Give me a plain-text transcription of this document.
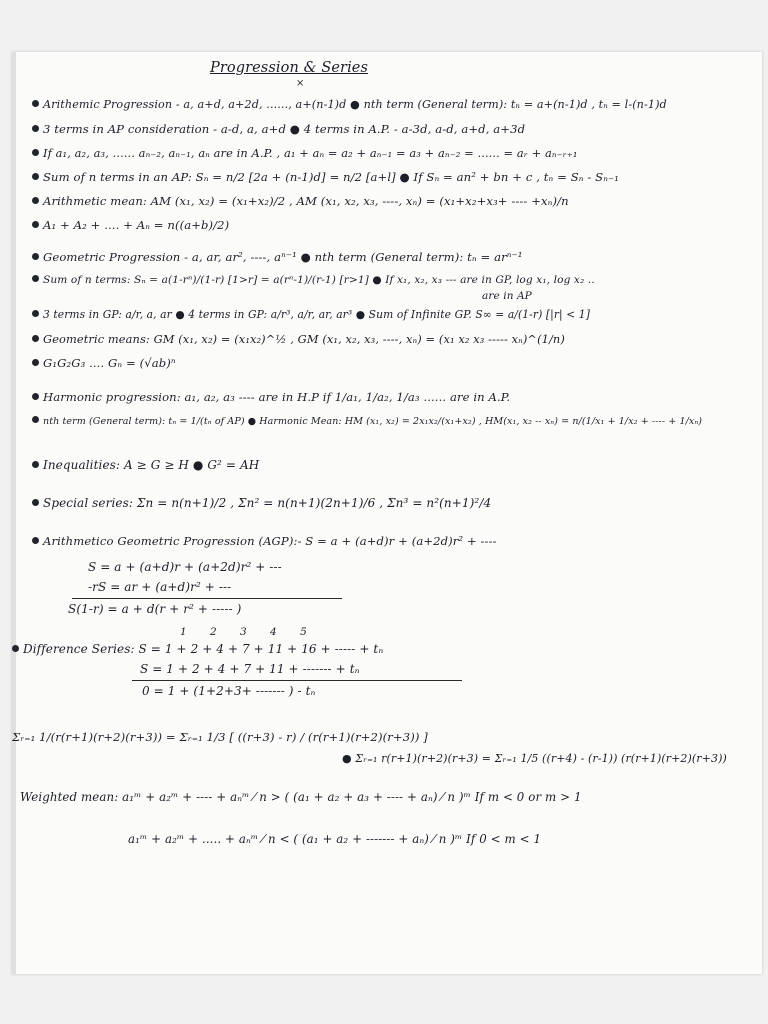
Progression & Series
×
Arithemic Progression - a, a+d, a+2d, ......, a+(n-1)d ● nth term (General term): tₙ = a+(n-1)d , tₙ = l-(n-1)d
3 terms in AP consideration - a-d, a, a+d ● 4 terms in A.P. - a-3d, a-d, a+d, a+3d
If a₁, a₂, a₃, ...... aₙ₋₂, aₙ₋₁, aₙ are in A.P. , a₁ + aₙ = a₂ + aₙ₋₁ = a₃ + aₙ₋₂ = ...... = aᵣ + aₙ₋ᵣ₊₁
Sum of n terms in an AP: Sₙ = n/2 [2a + (n-1)d] = n/2 [a+l] ● If Sₙ = an² + bn + c , tₙ = Sₙ - Sₙ₋₁
Arithmetic mean: AM (x₁, x₂) = (x₁+x₂)/2 , AM (x₁, x₂, x₃, ----, xₙ) = (x₁+x₂+x₃+ ---- +xₙ)/n
A₁ + A₂ + .... + Aₙ = n((a+b)/2)
Geometric Progression - a, ar, ar², ----, aⁿ⁻¹ ● nth term (General term): tₙ = arⁿ⁻¹
Sum of n terms: Sₙ = a(1-rⁿ)/(1-r) [1>r] = a(rⁿ-1)/(r-1) [r>1] ● If x₁, x₂, x₃ --- are in GP, log x₁, log x₂ ..
are in AP
3 terms in GP: a/r, a, ar ● 4 terms in GP: a/r³, a/r, ar, ar³ ● Sum of Infinite GP. S∞ = a/(1-r) [|r| < 1]
Geometric means: GM (x₁, x₂) = (x₁x₂)^½ , GM (x₁, x₂, x₃, ----, xₙ) = (x₁ x₂ x₃ ----- xₙ)^(1/n)
G₁G₂G₃ .... Gₙ = (√ab)ⁿ
Harmonic progression: a₁, a₂, a₃ ---- are in H.P if 1/a₁, 1/a₂, 1/a₃ ...... are in A.P.
nth term (General term): tₙ = 1/(tₙ of AP) ● Harmonic Mean: HM (x₁, x₂) = 2x₁x₂/(x₁+x₂) , HM(x₁, x₂ -- xₙ) = n/(1/x₁ + 1/x₂ + ---- + 1/xₙ)
Inequalities: A ≥ G ≥ H ● G² = AH
Special series: Σn = n(n+1)/2 , Σn² = n(n+1)(2n+1)/6 , Σn³ = n²(n+1)²/4
Arithmetico Geometric Progression (AGP):- S = a + (a+d)r + (a+2d)r² + ----
S = a + (a+d)r + (a+2d)r² + ---
-rS = ar + (a+d)r² + ---
S(1-r) = a + d(r + r² + ----- )
Difference Series: S = 1 + 2 + 4 + 7 + 11 + 16 + ----- + tₙ
1 2 3 4 5
S = 1 + 2 + 4 + 7 + 11 + ------- + tₙ
0 = 1 + (1+2+3+ ------- ) - tₙ
Σᵣ₌₁ 1/(r(r+1)(r+2)(r+3)) = Σᵣ₌₁ 1/3 [ ((r+3) - r) / (r(r+1)(r+2)(r+3)) ]
● Σᵣ₌₁ r(r+1)(r+2)(r+3) = Σᵣ₌₁ 1/5 ((r+4) - (r-1)) (r(r+1)(r+2)(r+3))
Weighted mean: a₁ᵐ + a₂ᵐ + ---- + aₙᵐ ⁄ n > ( (a₁ + a₂ + a₃ + ---- + aₙ) ⁄ n )ᵐ If m < 0 or m > 1
a₁ᵐ + a₂ᵐ + ..... + aₙᵐ ⁄ n < ( (a₁ + a₂ + ------- + aₙ) ⁄ n )ᵐ If 0 < m < 1
